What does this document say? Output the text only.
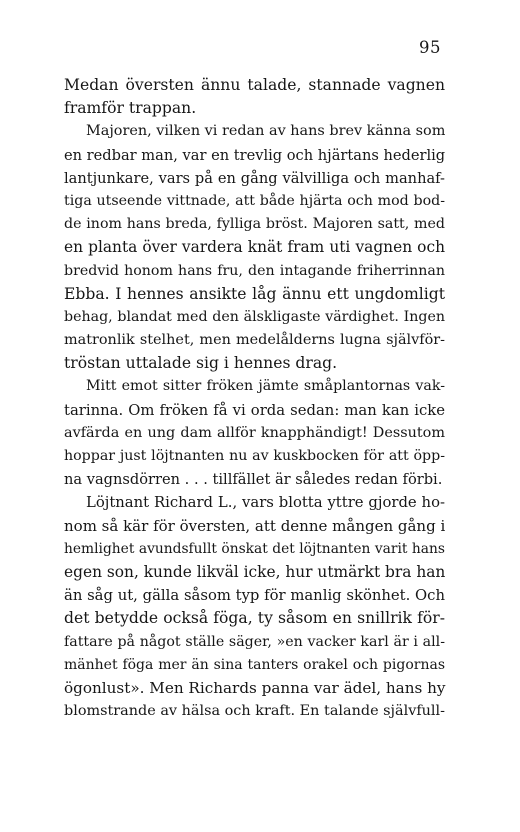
95
Medan översten ännu talade, stannade vagnen
framför trappan.
Majoren, vilken vi redan av hans brev känna som
en redbar man, var en trevlig och hjärtans hederlig
lantjunkare, vars på en gång välvilliga och manhaf-
tiga utseende vittnade, att både hjärta och mod bod-
de inom hans breda, fylliga bröst. Majoren satt, med
en planta över vardera knät fram uti vagnen och
bredvid honom hans fru, den intagande friherrinnan
Ebba. I hennes ansikte låg ännu ett ungdomligt
behag, blandat med den älskligaste värdighet. Ingen
matronlik stelhet, men medelålderns lugna självför-
tröstan uttalade sig i hennes drag.
Mitt emot sitter fröken jämte småplantornas vak-
tarinna. Om fröken få vi orda sedan: man kan icke
avfärda en ung dam allför knapphändigt! Dessutom
hoppar just löjtnanten nu av kuskbocken för att öpp-
na vagnsdörren . . . tillfället är således redan förbi.
Löjtnant Richard L., vars blotta yttre gjorde ho-
nom så kär för översten, att denne mången gång i
hemlighet avundsfullt önskat det löjtnanten varit hans
egen son, kunde likväl icke, hur utmärkt bra han
än såg ut, gälla såsom typ för manlig skönhet. Och
det betydde också föga, ty såsom en snillrik för-
fattare på något ställe säger, »en vacker karl är i all-
mänhet föga mer än sina tanters orakel och pigornas
ögonlust». Men Richards panna var ädel, hans hy
blomstrande av hälsa och kraft. En talande självfull-
